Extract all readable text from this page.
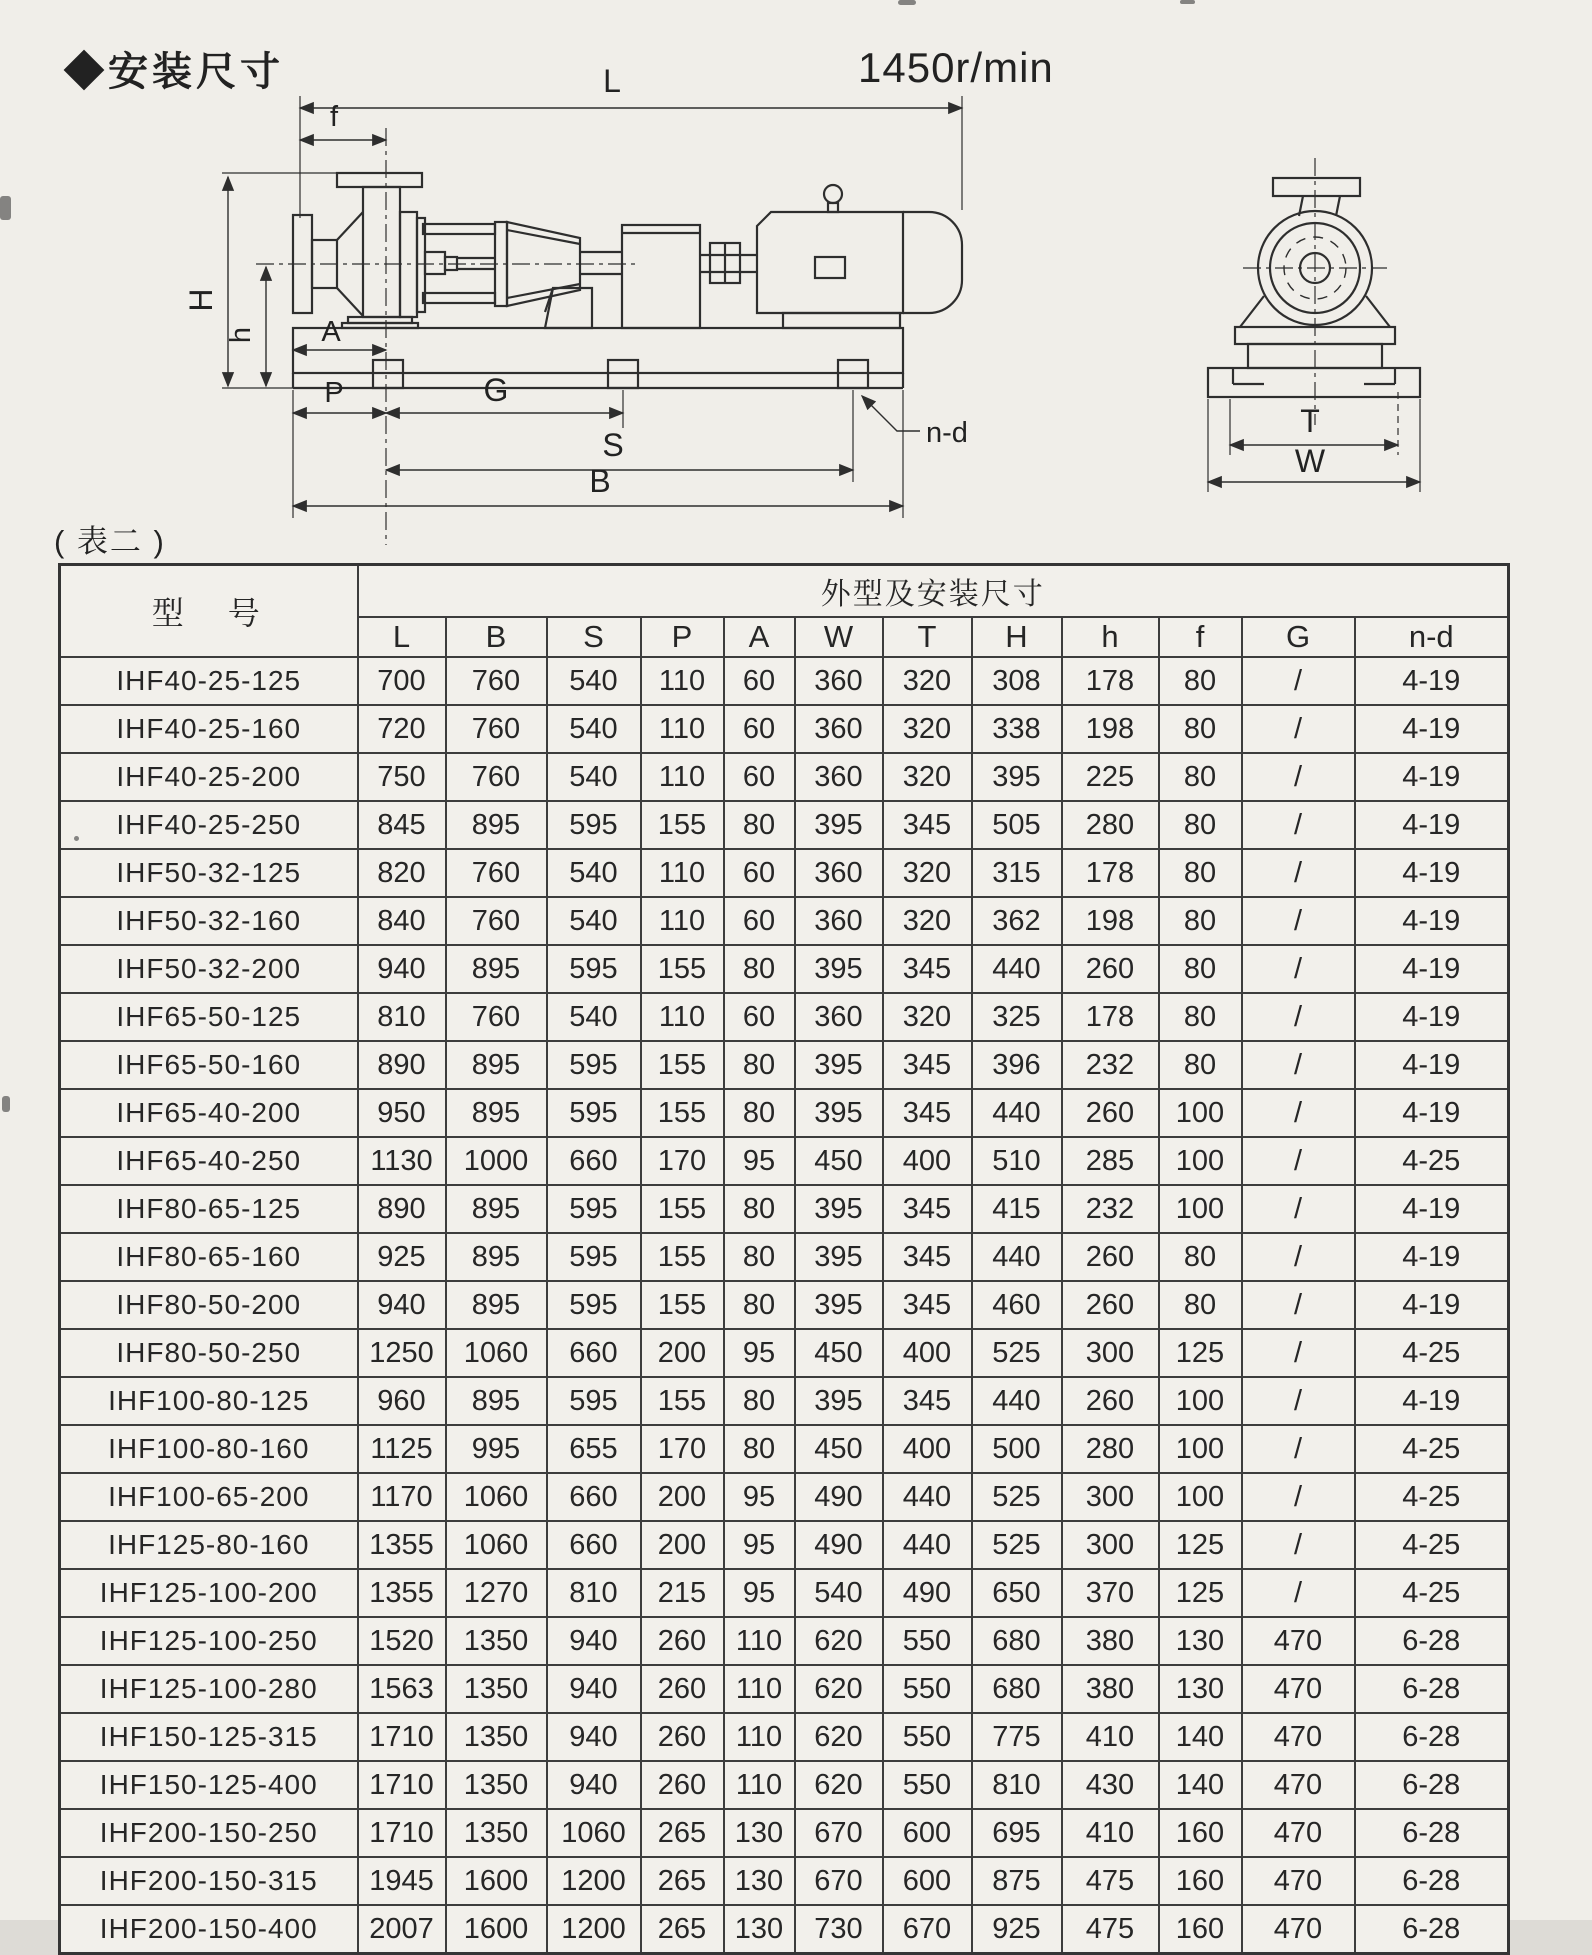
◆安装尺寸	1450r/min
L
f
H
h A
P	G
S
B
n-d	T
W
( 表二 )
型　号	外型及安装尺寸											
	L	B	S	P	A	W	T	H	h	f	G	n-d
IHF40-25-125	700	760	540	110	60	360	320	308	178	80	/	4-19
IHF40-25-160	720	760	540	110	60	360	320	338	198	80	/	4-19
IHF40-25-200	750	760	540	110	60	360	320	395	225	80	/	4-19
IHF40-25-250	845	895	595	155	80	395	345	505	280	80	/	4-19
IHF50-32-125	820	760	540	110	60	360	320	315	178	80	/	4-19
IHF50-32-160	840	760	540	110	60	360	320	362	198	80	/	4-19
IHF50-32-200	940	895	595	155	80	395	345	440	260	80	/	4-19
IHF65-50-125	810	760	540	110	60	360	320	325	178	80	/	4-19
IHF65-50-160	890	895	595	155	80	395	345	396	232	80	/	4-19
IHF65-40-200	950	895	595	155	80	395	345	440	260	100	/	4-19
IHF65-40-250	1130	1000	660	170	95	450	400	510	285	100	/	4-25
IHF80-65-125	890	895	595	155	80	395	345	415	232	100	/	4-19
IHF80-65-160	925	895	595	155	80	395	345	440	260	80	/	4-19
IHF80-50-200	940	895	595	155	80	395	345	460	260	80	/	4-19
IHF80-50-250	1250	1060	660	200	95	450	400	525	300	125	/	4-25
IHF100-80-125	960	895	595	155	80	395	345	440	260	100	/	4-19
IHF100-80-160	1125	995	655	170	80	450	400	500	280	100	/	4-25
IHF100-65-200	1170	1060	660	200	95	490	440	525	300	100	/	4-25
IHF125-80-160	1355	1060	660	200	95	490	440	525	300	125	/	4-25
IHF125-100-200	1355	1270	810	215	95	540	490	650	370	125	/	4-25
IHF125-100-250	1520	1350	940	260	110	620	550	680	380	130	470	6-28
IHF125-100-280	1563	1350	940	260	110	620	550	680	380	130	470	6-28
IHF150-125-315	1710	1350	940	260	110	620	550	775	410	140	470	6-28
IHF150-125-400	1710	1350	940	260	110	620	550	810	430	140	470	6-28
IHF200-150-250	1710	1350	1060	265	130	670	600	695	410	160	470	6-28
IHF200-150-315	1945	1600	1200	265	130	670	600	875	475	160	470	6-28
IHF200-150-400	2007	1600	1200	265	130	730	670	925	475	160	470	6-28
